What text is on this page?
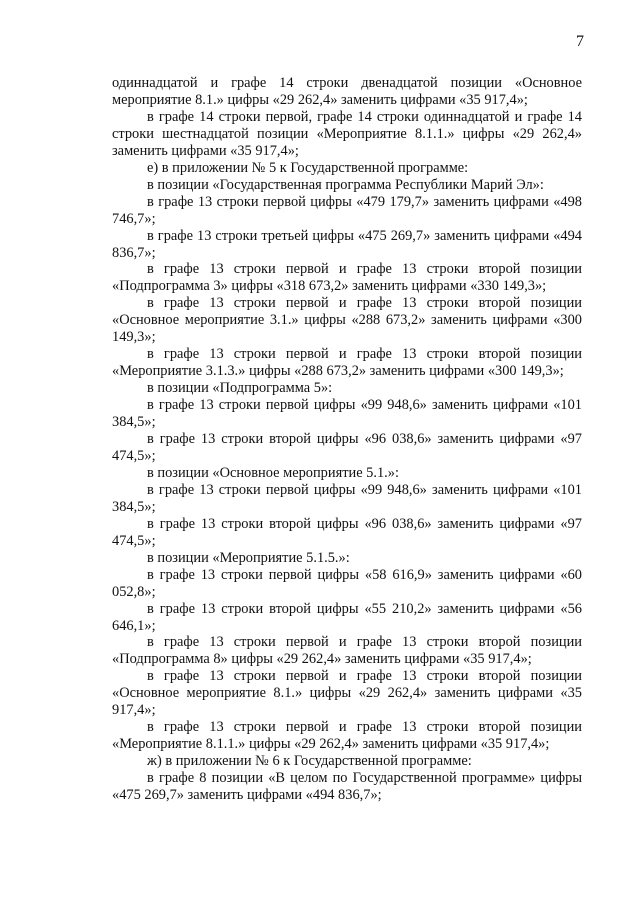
7

одиннадцатой и графе 14 строки двенадцатой позиции «Основное мероприятие 8.1.» цифры «29 262,4» заменить цифрами «35 917,4»;

в графе 14 строки первой, графе 14 строки одиннадцатой и графе 14 строки шестнадцатой позиции «Мероприятие 8.1.1.» цифры «29 262,4» заменить цифрами «35 917,4»;

е) в приложении № 5 к Государственной программе:

в позиции «Государственная программа Республики Марий Эл»:

в графе 13 строки первой цифры «479 179,7» заменить цифрами «498 746,7»;

в графе 13 строки третьей цифры «475 269,7» заменить цифрами «494 836,7»;

в графе 13 строки первой и графе 13 строки второй позиции «Подпрограмма 3» цифры «318 673,2» заменить цифрами «330 149,3»;

в графе 13 строки первой и графе 13 строки второй позиции «Основное мероприятие 3.1.» цифры «288 673,2» заменить цифрами «300 149,3»;

в графе 13 строки первой и графе 13 строки второй позиции «Мероприятие 3.1.3.» цифры «288 673,2» заменить цифрами «300 149,3»;

в позиции «Подпрограмма 5»:

в графе 13 строки первой цифры «99 948,6» заменить цифрами «101 384,5»;

в графе 13 строки второй цифры «96 038,6» заменить цифрами «97 474,5»;

в позиции «Основное мероприятие 5.1.»:

в графе 13 строки первой цифры «99 948,6» заменить цифрами «101 384,5»;

в графе 13 строки второй цифры «96 038,6» заменить цифрами «97 474,5»;

в позиции «Мероприятие 5.1.5.»:

в графе 13 строки первой цифры «58 616,9» заменить цифрами «60 052,8»;

в графе 13 строки второй цифры «55 210,2» заменить цифрами «56 646,1»;

в графе 13 строки первой и графе 13 строки второй позиции «Подпрограмма 8» цифры «29 262,4» заменить цифрами «35 917,4»;

в графе 13 строки первой и графе 13 строки второй позиции «Основное мероприятие 8.1.» цифры «29 262,4» заменить цифрами «35 917,4»;

в графе 13 строки первой и графе 13 строки второй позиции «Мероприятие 8.1.1.» цифры «29 262,4» заменить цифрами «35 917,4»;

ж) в приложении № 6 к Государственной программе:

в графе 8 позиции «В целом по Государственной программе» цифры «475 269,7» заменить цифрами «494 836,7»;
